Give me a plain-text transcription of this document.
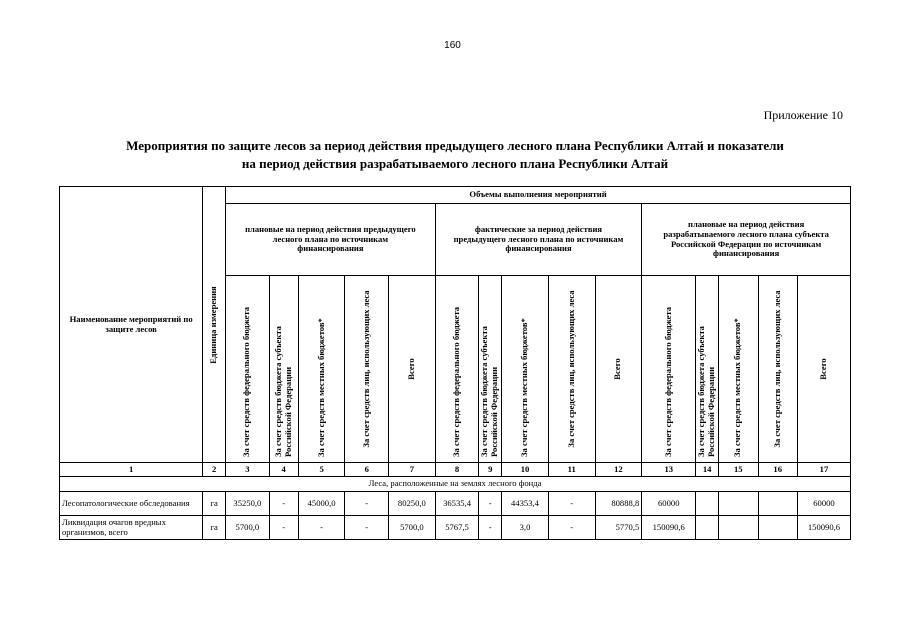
160
Приложение 10
Мероприятия по защите лесов за период действия предыдущего лесного плана Республики Алтай и показатели
на период действия разрабатываемого лесного плана Республики Алтай
Наименование мероприятий по защите лесов	Единица измерения	Объемы выполнения мероприятий														
		плановые на период действия предыдущего лесного плана по источникам финансирования					фактические за период действия предыдущего лесного плана по источникам финансирования					плановые на период действия разрабатываемого лесного плана субъекта Российской Федерации по источникам финансирования				

		За счет средств федерального бюджета	За счет средств бюджета субъекта Российской Федерации	За счет средств местных бюджетов*	За счет средств лиц, использующих леса	Всего	За счет средств федерального бюджета	За счет средств бюджета субъекта Российской Федерации	За счет средств местных бюджетов*	За счет средств лиц, использующих леса	Всего	За счет средств федерального бюджета	За счет средств бюджета субъекта Российской Федерации	За счет средств местных бюджетов*	За счет средств лиц, использующих леса	Всего

1	2	3	4	5	6	7	8	9	10	11	12	13	14	15	16	17
Леса, расположенные на землях лесного фонда																
Лесопатологические обследования	га	35250,0	-	45000,0	-	80250,0	36535,4	-	44353,4	-	80888,8	60000				60000
Ликвидация очагов вредных организмов, всего	га	5700,0	-	-	-	5700,0	5767,5	-	3,0	-	5770,5	150090,6				150090,6
